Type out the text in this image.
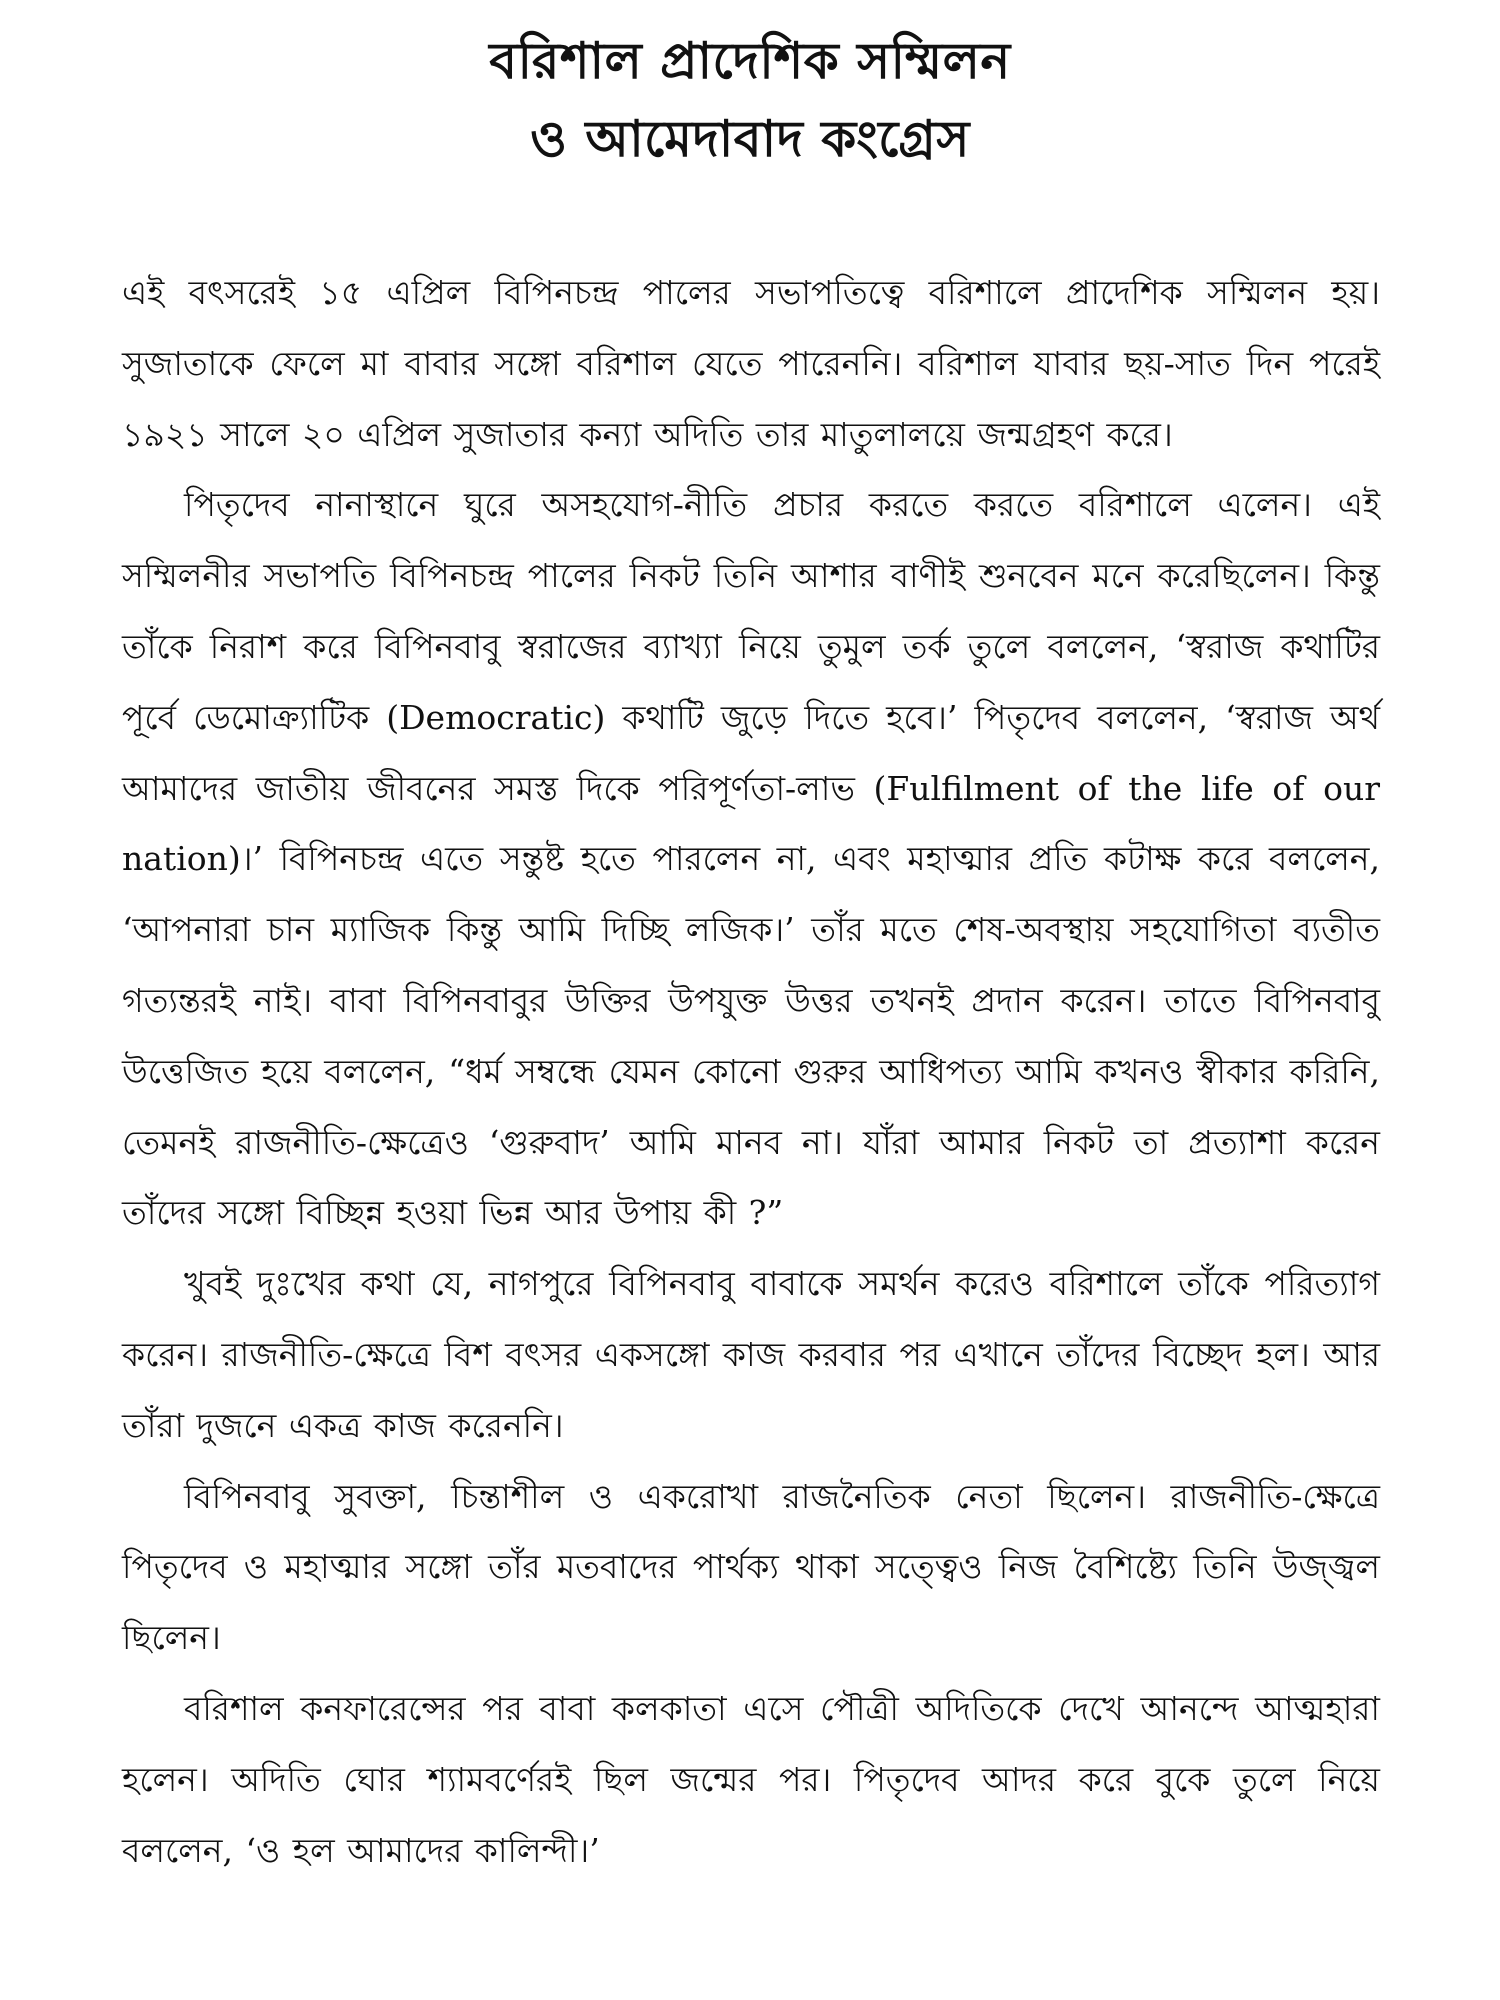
বরিশাল প্রাদেশিক সম্মিলন
ও আমেদাবাদ কংগ্রেস

এই বৎসরেই ১৫ এপ্রিল বিপিনচন্দ্র পালের সভাপতিত্বে বরিশালে প্রাদেশিক সম্মিলন হয়। সুজাতাকে ফেলে মা বাবার সঙ্গো বরিশাল যেতে পারেননি। বরিশাল যাবার ছয়-সাত দিন পরেই ১৯২১ সালে ২০ এপ্রিল সুজাতার কন্যা অদিতি তার মাতুলালয়ে জন্মগ্রহণ করে।

পিতৃদেব নানাস্থানে ঘুরে অসহযোগ-নীতি প্রচার করতে করতে বরিশালে এলেন। এই সম্মিলনীর সভাপতি বিপিনচন্দ্র পালের নিকট তিনি আশার বাণীই শুনবেন মনে করেছিলেন। কিন্তু তাঁকে নিরাশ করে বিপিনবাবু স্বরাজের ব্যাখ্যা নিয়ে তুমুল তর্ক তুলে বললেন, ‘স্বরাজ কথাটির পূর্বে ডেমোক্র্যাটিক (Democratic) কথাটি জুড়ে দিতে হবে।’ পিতৃদেব বললেন, ‘স্বরাজ অর্থ আমাদের জাতীয় জীবনের সমস্ত দিকে পরিপূর্ণতা-লাভ (Fulfilment of the life of our nation)।’ বিপিনচন্দ্র এতে সন্তুষ্ট হতে পারলেন না, এবং মহাত্মার প্রতি কটাক্ষ করে বললেন, ‘আপনারা চান ম্যাজিক কিন্তু আমি দিচ্ছি লজিক।’ তাঁর মতে শেষ-অবস্থায় সহযোগিতা ব্যতীত গত্যন্তরই নাই। বাবা বিপিনবাবুর উক্তির উপযুক্ত উত্তর তখনই প্রদান করেন। তাতে বিপিনবাবু উত্তেজিত হয়ে বললেন, “ধর্ম সম্বন্ধে যেমন কোনো গুরুর আধিপত্য আমি কখনও স্বীকার করিনি, তেমনই রাজনীতি-ক্ষেত্রেও ‘গুরুবাদ’ আমি মানব না। যাঁরা আমার নিকট তা প্রত্যাশা করেন তাঁদের সঙ্গো বিচ্ছিন্ন হওয়া ভিন্ন আর উপায় কী ?”

খুবই দুঃখের কথা যে, নাগপুরে বিপিনবাবু বাবাকে সমর্থন করেও বরিশালে তাঁকে পরিত্যাগ করেন। রাজনীতি-ক্ষেত্রে বিশ বৎসর একসঙ্গো কাজ করবার পর এখানে তাঁদের বিচ্ছেদ হল। আর তাঁরা দুজনে একত্র কাজ করেননি।

বিপিনবাবু সুবক্তা, চিন্তাশীল ও একরোখা রাজনৈতিক নেতা ছিলেন। রাজনীতি-ক্ষেত্রে পিতৃদেব ও মহাত্মার সঙ্গো তাঁর মতবাদের পার্থক্য থাকা সত্ত্বেও নিজ বৈশিষ্ট্যে তিনি উজ্জ্বল ছিলেন।

বরিশাল কনফারেন্সের পর বাবা কলকাতা এসে পৌত্রী অদিতিকে দেখে আনন্দে আত্মহারা হলেন। অদিতি ঘোর শ্যামবর্ণেরই ছিল জন্মের পর। পিতৃদেব আদর করে বুকে তুলে নিয়ে বললেন, ‘ও হল আমাদের কালিন্দী।’
